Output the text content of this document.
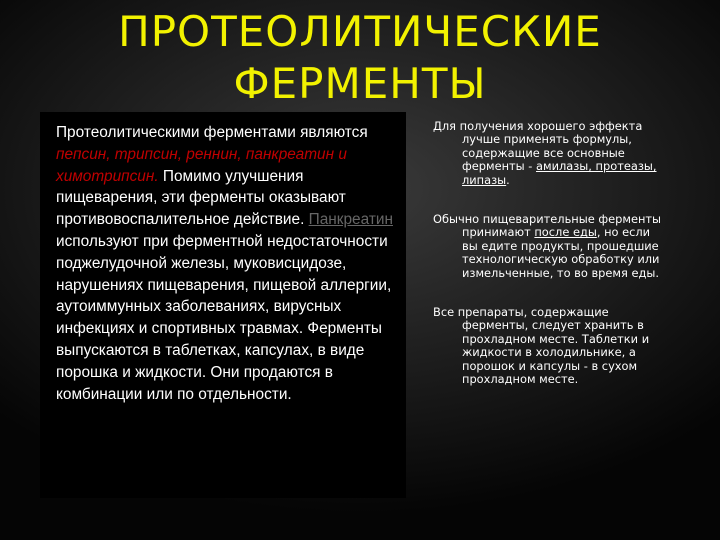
ПРОТЕОЛИТИЧЕСКИЕ
ФЕРМЕНТЫ
Протеолитическими ферментами являются пепсин, трипсин, реннин, панкреатин и химотрипсин. Помимо улучшения пищеварения, эти ферменты оказывают противовоспалительное действие. Панкреатин используют при ферментной недостаточности поджелудочной железы, муковисцидозе, нарушениях пищеварения, пищевой аллергии, аутоиммунных заболеваниях, вирусных инфекциях и спортивных травмах. Ферменты выпускаются в таблетках, капсулах, в виде порошка и жидкости. Они продаются в комбинации или по отдельности.

Для получения хорошего эффекта лучше применять формулы, содержащие все основные ферменты - амилазы, протеазы, липазы.

Обычно пищеварительные ферменты принимают после еды, но если вы едите продукты, прошедшие технологическую обработку или измельченные, то во время еды.

Все препараты, содержащие ферменты, следует хранить в прохладном месте. Таблетки и жидкости в холодильнике, а порошок и капсулы - в сухом прохладном месте.
